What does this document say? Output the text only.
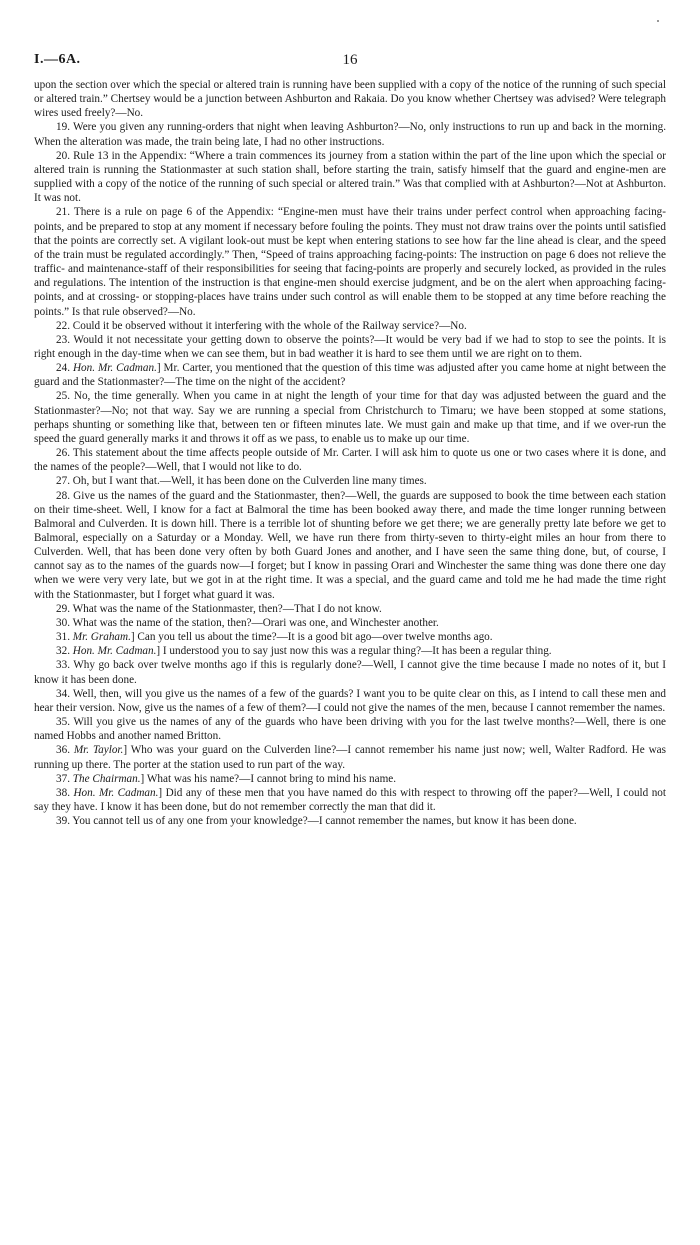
I.—6A.	16

upon the section over which the special or altered train is running have been supplied with a copy of the notice of the running of such special or altered train.” Chertsey would be a junction between Ashburton and Rakaia. Do you know whether Chertsey was advised? Were telegraph wires used freely?—No.

19. Were you given any running-orders that night when leaving Ashburton?—No, only instructions to run up and back in the morning. When the alteration was made, the train being late, I had no other instructions.

20. Rule 13 in the Appendix: “Where a train commences its journey from a station within the part of the line upon which the special or altered train is running the Stationmaster at such station shall, before starting the train, satisfy himself that the guard and engine-men are supplied with a copy of the notice of the running of such special or altered train.” Was that complied with at Ashburton?—Not at Ashburton. It was not.

21. There is a rule on page 6 of the Appendix: “Engine-men must have their trains under perfect control when approaching facing-points, and be prepared to stop at any moment if necessary before fouling the points. They must not draw trains over the points until satisfied that the points are correctly set. A vigilant look-out must be kept when entering stations to see how far the line ahead is clear, and the speed of the train must be regulated accordingly.” Then, “Speed of trains approaching facing-points: The instruction on page 6 does not relieve the traffic- and maintenance-staff of their responsibilities for seeing that facing-points are properly and securely locked, as provided in the rules and regulations. The intention of the instruction is that engine-men should exercise judgment, and be on the alert when approaching facing-points, and at crossing- or stopping-places have trains under such control as will enable them to be stopped at any time before reaching the points.” Is that rule observed?—No.

22. Could it be observed without it interfering with the whole of the Railway service?—No.

23. Would it not necessitate your getting down to observe the points?—It would be very bad if we had to stop to see the points. It is right enough in the day-time when we can see them, but in bad weather it is hard to see them until we are right on to them.

24. Hon. Mr. Cadman.] Mr. Carter, you mentioned that the question of this time was adjusted after you came home at night between the guard and the Stationmaster?—The time on the night of the accident?

25. No, the time generally. When you came in at night the length of your time for that day was adjusted between the guard and the Stationmaster?—No; not that way. Say we are running a special from Christchurch to Timaru; we have been stopped at some stations, perhaps shunting or something like that, between ten or fifteen minutes late. We must gain and make up that time, and if we over-run the speed the guard generally marks it and throws it off as we pass, to enable us to make up our time.

26. This statement about the time affects people outside of Mr. Carter. I will ask him to quote us one or two cases where it is done, and the names of the people?—Well, that I would not like to do.

27. Oh, but I want that.—Well, it has been done on the Culverden line many times.

28. Give us the names of the guard and the Stationmaster, then?—Well, the guards are supposed to book the time between each station on their time-sheet. Well, I know for a fact at Balmoral the time has been booked away there, and made the time longer running between Balmoral and Culverden. It is down hill. There is a terrible lot of shunting before we get there; we are generally pretty late before we get to Balmoral, especially on a Saturday or a Monday. Well, we have run there from thirty-seven to thirty-eight miles an hour from there to Culverden. Well, that has been done very often by both Guard Jones and another, and I have seen the same thing done, but, of course, I cannot say as to the names of the guards now—I forget; but I know in passing Orari and Winchester the same thing was done there one day when we were very very late, but we got in at the right time. It was a special, and the guard came and told me he had made the time right with the Stationmaster, but I forget what guard it was.

29. What was the name of the Stationmaster, then?—That I do not know.

30. What was the name of the station, then?—Orari was one, and Winchester another.

31. Mr. Graham.] Can you tell us about the time?—It is a good bit ago—over twelve months ago.

32. Hon. Mr. Cadman.] I understood you to say just now this was a regular thing?—It has been a regular thing.

33. Why go back over twelve months ago if this is regularly done?—Well, I cannot give the time because I made no notes of it, but I know it has been done.

34. Well, then, will you give us the names of a few of the guards? I want you to be quite clear on this, as I intend to call these men and hear their version. Now, give us the names of a few of them?—I could not give the names of the men, because I cannot remember the names.

35. Will you give us the names of any of the guards who have been driving with you for the last twelve months?—Well, there is one named Hobbs and another named Britton.

36. Mr. Taylor.] Who was your guard on the Culverden line?—I cannot remember his name just now; well, Walter Radford. He was running up there. The porter at the station used to run part of the way.

37. The Chairman.] What was his name?—I cannot bring to mind his name.

38. Hon. Mr. Cadman.] Did any of these men that you have named do this with respect to throwing off the paper?—Well, I could not say they have. I know it has been done, but do not remember correctly the man that did it.

39. You cannot tell us of any one from your knowledge?—I cannot remember the names, but know it has been done.
